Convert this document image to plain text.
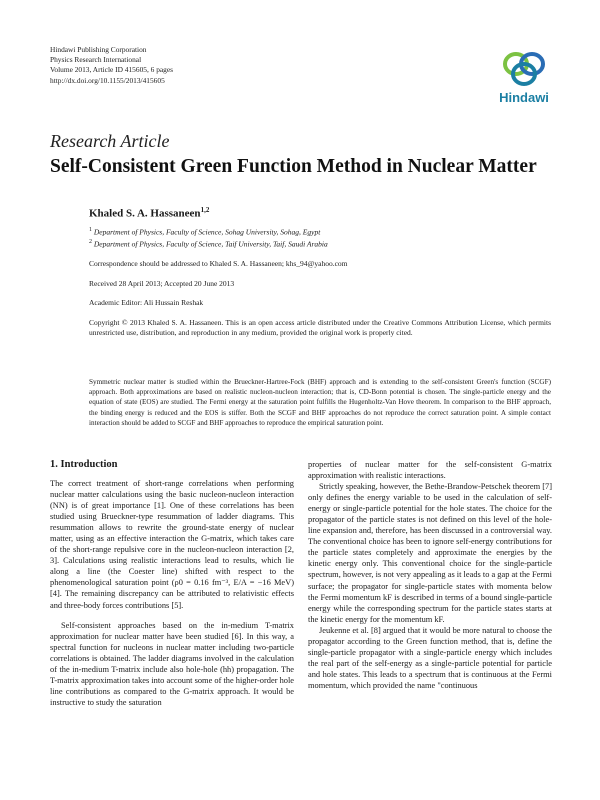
Hindawi Publishing Corporation
Physics Research International
Volume 2013, Article ID 415605, 6 pages
http://dx.doi.org/10.1155/2013/415605
Hindawi
Research Article
Self-Consistent Green Function Method in Nuclear Matter
Khaled S. A. Hassaneen$^{1,2}$
$^1$ Department of Physics, Faculty of Science, Sohag University, Sohag, Egypt
$^2$ Department of Physics, Faculty of Science, Taif University, Taif, Saudi Arabia
Correspondence should be addressed to Khaled S. A. Hassaneen; khs_94@yahoo.com
Received 28 April 2013; Accepted 20 June 2013
Academic Editor: Ali Hussain Reshak
Copyright © 2013 Khaled S. A. Hassaneen. This is an open access article distributed under the Creative Commons Attribution License, which permits unrestricted use, distribution, and reproduction in any medium, provided the original work is properly cited.
Symmetric nuclear matter is studied within the Brueckner-Hartree-Fock (BHF) approach and is extending to the self-consistent Green's function (SCGF) approach. Both approximations are based on realistic nucleon-nucleon interaction; that is, CD-Bonn potential is chosen. The single-particle energy and the equation of state (EOS) are studied. The Fermi energy at the saturation point fulfills the Hugenholtz-Van Hove theorem. In comparison to the BHF approach, the binding energy is reduced and the EOS is stiffer. Both the SCGF and BHF approaches do not reproduce the correct saturation point. A simple contact interaction should be added to SCGF and BHF approaches to reproduce the empirical saturation point.
1. Introduction

The correct treatment of short-range correlations when performing nuclear matter calculations using the basic nucleon-nucleon interaction (NN) is of great importance [1]. One of these correlations has been studied using Brueckner-type resummation of ladder diagrams. This resummation allows to rewrite the ground-state energy of nuclear matter, using as an effective interaction the G-matrix, which takes care of the short-range repulsive core in the nucleon-nucleon interaction [2, 3]. Calculations using realistic interactions lead to results, which lie along a line (the Coester line) shifted with respect to the phenomenological saturation point (ρ0 = 0.16 fm⁻³, E/A = −16 MeV) [4]. The remaining discrepancy can be attributed to relativistic effects and three-body forces contributions [5].

Self-consistent approaches based on the in-medium T-matrix approximation for nuclear matter have been studied [6]. In this way, a spectral function for nucleons in nuclear matter including two-particle correlations is obtained. The ladder diagrams involved in the calculation of the in-medium T-matrix include also hole-hole (hh) propagation. The T-matrix approximation takes into account some of the higher-order hole line contributions as compared to the G-matrix approach. It would be instructive to study the saturation

properties of nuclear matter for the self-consistent G-matrix approximation with realistic interactions.

Strictly speaking, however, the Bethe-Brandow-Petschek theorem [7] only defines the energy variable to be used in the calculation of self-energy or single-particle potential for the hole states. The choice for the propagator of the particle states is not defined on this level of the hole-line expansion and, therefore, has been discussed in a controversial way. The conventional choice has been to ignore self-energy contributions for the particle states completely and approximate the energies by the kinetic energy only. This conventional choice for the single-particle spectrum, however, is not very appealing as it leads to a gap at the Fermi surface; the propagator for single-particle states with momenta below the Fermi momentum kF is described in terms of a bound single-particle energy while the corresponding spectrum for the particle states starts at the kinetic energy for the momentum kF.

Jeukenne et al. [8] argued that it would be more natural to choose the propagator according to the Green function method, that is, define the single-particle propagator with a single-particle energy which includes the real part of the self-energy as a single-particle potential for particle and hole states. This leads to a spectrum that is continuous at the Fermi momentum, which provided the name "continuous
